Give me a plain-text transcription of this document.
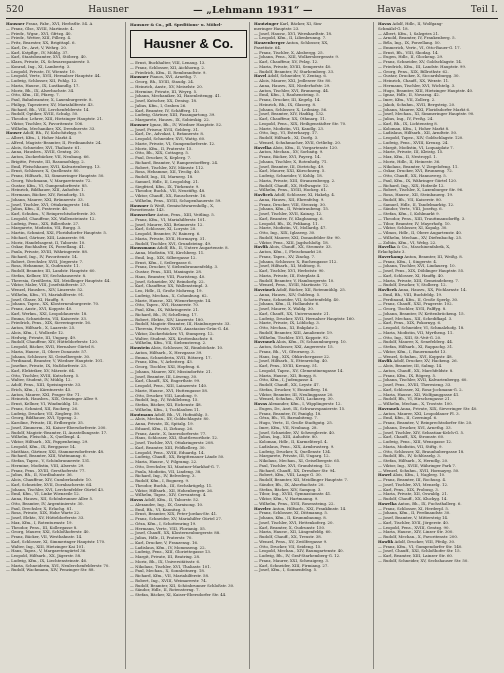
520	Hausner	— „Lehmann 1931“ —	Havas	Teil I.
Hausner Franz, Fabr., XVI, Herbstltr. 54. A
— Franz, Glsr., XVIII, Martinstr. 4.
— Friedr., Wgnr., XVI, Gfrtzg. 40.
— Friedr., Wetter, XIII, Pillerg. 4.
— Fritz, Bearnter, XX, Brigittapl. 6.
— Karl, Dr., Arzt, V, Wehrg. 20.
— Karl, Kstpflgr., IV, Mühlg. 37.
— Karl, Staatsbeamter, XVI, Stöberg. 40.
— Klara, Private, IX, Schwarzspanierstr. 5.
— Konrad, Ing., XI, Lambertg. 3.
— Leopold, Private, IV, Wienstr. 10.
— Leopold, Vertr., XVII, Hernalser Hauptstr. 44.
— Ludwig, Schlosser, XII, Pohlg. 12.
— Maria, Hausw., IX, Lustkandlg. 17.
— Moriz, Bh., IX, Alserbachstr. 34.
— Otto, Kfm., III, Pfarrg. 7.
— Paul, Bahnbeamter, X, Laxenburgerstr. 8.
— Philipp, Tapezierer, XV, Mariahilferstr. 43.
— Richard, Bh., VIII, Lerchenfelderstr. 14.
— Rudolf, Optiker, XVIII, Schulg. 50.
— Theodor, Lehrer, XIII, Hietzinger Hauptstr. 21.
— Viktor, Tischler, X, Favoritenstr. 106.
— Wilhelm, Mechaniker, XX, Dresdnerstr. 33.
Hauser Adolf, Bh., IV, Kolschitzkyg. 9.
— Albert, Kfm., I, Hoher Markt 4.
— Alfred, Magistr.-Beamter, II, Ferdinandstr. 24.
— Alois, Schneider, XVI, Thaliastr. 61.
— Anna, Hausbes., XVIII, Gentzg. 20.
— Anton, Zuckerbäcker, VII, Neubaug. 66.
— Brigitte, Private, III, Rasumofskyg. 2.
— Emil, Fleischhauer, XVII, Kalvarienbergg. 13.
— Ernst, Schlosser, X, Quellenstr. 80.
— Franz, Hilfsarb., XI, Simmeringer Hauptstr. 50.
— Georg, Wachmann, V, Margaretenstr. 72.
— Gustav, Kfm., VI, Gumpendorferstr. 85.
— Heinrich, Bildhauer, XIII, Auhofstr. 1.
— Hermann, Bäcker, XIV, Reindorfg. 15.
— Johann, Maurer, XXI, Brünnerstr. 33.
— Josef, Tischler, XVI, Ottakringerstr. 104.
— Julius, Kfm., II, Praterstr. 46.
— Karl, Schuhm., V, Reinprechtsdorferstr. 30.
— Leopold, Chauffeur, XX, Wallensteinstr. 12.
— Ludwig, Pens., XIX, Billrothstr. 27.
— Margarete, Modistin, VII, Burgg. 3.
— Martin, Schmied, XXI, Floridsdorfer Hauptstr. 5.
— Michael, Gärtner, XIII, Lainzerstr. 98.
— Moriz, Handelsagent, II, Taborstr. 10.
— Oskar, Buchhalter, IX, Porzellang. 41.
— Paula, Private, XVIII, Währingerstr. 88.
— Richard, Ing., IV, Favoritenstr. 14.
— Robert, Drechsler, XVII, Jörgerstr. 7.
— Rosa, Hebamme, X, Gudrunstr. 11.
— Rudolf, Beamter, III, Landstr. Hauptstr. 60.
— Stefan, Kellner, XV, Sechshauserstr. 8.
— Theresia, Greißlerin, XII, Meidlinger Hauptstr. 44.
— Viktor, Maler, VIII, Josefstädterstr. 27.
— Wenzel, Hausbes., XIV, Linzerstr. 52.
— Wilhelm, Kfm., VI, Mariahilferstr. 91.
— Josef, Glaser, XI, Hauffg. 9.
— Johann, Tapez., XX, Klosterneuburgerstr. 70.
— Franz, Anstr., XVI, Koppstr. 40.
— Karl, Werkm., XXI, Leopoldauerstr. 18.
— Emma, Schneiderin, VII, Kaiserstr. 33.
— Friedrich, Pens., XIX, Sieveringerstr. 16.
— Anton, Hilfsarb., X, Laaerstr. 25.
— Alois, Kfm., I, Wollzeile 12.
— Hedwig, Private, III, Ungarg. 49.
— Rudolf, Chauffeur, XIV, Hütteldorferstr. 120.
— Leopold, Bäcker, XVII, Hernalser Gürtel 8.
— Maria, Hausw., II, Obere Donaustr. 57.
— Johann, Schlosser, XI, Geiselbergstr. 30.
— Ferdinand, Beamter, V, Wiedner Hauptstr. 101.
— Josefine, Private, IX, Nußdorferstr. 23.
— Karl, Elektriker, XV, Märzstr. 64.
— Otto, Tischler, XVIII, Kutscherg. 5.
— Walter, Student, IV, Mühlg. 12.
— Adolf, Pens., XIII, Speisingerstr. 33.
— Erich, Kfm., I, Kärntnerstr. 45.
— Anton, Maurer, XXI, Prager Str. 71.
— Heinrich, Hausbes., XIX, Grinzinger Allee 9.
— Ernst, Kellner, VI, Windmühlg. 15.
— Franz, Schmied, XII, Ruckerg. 26.
— Ludwig, Drucker, VII, Zieglerg. 59.
— Georg, Bildhauer, XVI, Yppeng. 2.
— Karoline, Private, III, Erdbergstr. 35.
— Josef, Zimmerm., XI, Kaiser-Ebersdorferstr. 200.
— Rudolf, Magistr.-Beamter, II, Ausstellungsstr. 17.
— Wilhelm, Fleischh., X, Quellenpl. 4.
— Viktor, Hilfsarb., XX, Pappenheimg. 29.
— Leopold, Kfm., IX, Berggasse 14.
— Matthias, Gärtner, XXI, Stammersdorferstr. 48.
— Richard, Beamter, XIII, Wattmanng. 6.
— Stefan, Tapez., V, Schönbrunnerstr. 131.
— Hermine, Modistin, VIII, Alserstr. 29.
— Franz, Pens., XVIII, Gersthoferstr. 77.
— Julius, Bh., II, Nordbahnstr. 36.
— Alois, Chauffeur, XIV, Cumberlandstr. 10.
— Karl, Schneider, XVII, Dornbacherstr. 64.
— Johann, Tischler, XVI, Lerchenfelder Gürtel 43.
— Emil, Kfm., VI, Linke Wienzeile 12.
— Anna, Hausw., XII, Schönbrunner Allee 5.
— Otto, Beamter, IV, Argentinierstr. 30.
— Paul, Drechsler, X, Erlachg. 81.
— Rosa, Private, XIX, Hohe Warte 22.
— Josef, Elektr., XV, Hütteldorferstr. 33.
— Max, Kfm., I, Rotenturmstr. 19.
— Theodor, Pens., III, Kollergasse 8.
— Georg, Maurer, XXI, Schloßhoferstr. 40.
— Franz, Bäcker, VII, Westbahnstr. 14.
— Karl, Schlosser, XI, Simmeringer Hauptstr. 170.
— Walter, Ing., XIII, Hietzinger Kai 101.
— Hans, Tapez., V, Margaretengürtel 36.
— Leopold, Hilfsarb., XX, Jägerstr. 58.
— Ludwig, Kfm., IX, Liechtensteinstr. 46.
— Maria, Schneiderin, XVI, Neulerchenfelderstr. 70.
— Rudolf, Wachmann, XIV, Penzinger Str. 88.
Hausner & Co., pfl. Speditions- u. Möbel-
Hausner & Co.
— Ernst, Buchhalter, VIII, Lenaug. 13.
— Franz, Schlosser, XII, Aichhorng. 2.
— Friedrich, Kfm., II, Rembrandtstr. 9.
Hausner Pianos, XVI, Arnethg. 7.
— Georg, Bh., XVIII, Staudg. 24.
— Heinrich, Anstr., XV, Meiselstr. 20.
— Hermine, Private, III, Weyrg. 5.
— Johann, Mechaniker, XI, Hasenleitengg. 41.
— Josef, Kutscher, XX, Denisg. 18.
— Julius, Kfm., I, Graben 26.
— Karl, Beamter, IV, Schäfferg. 11.
— Ludwig, Gärtner, XIII, Fasangartong. 39.
— Margarete, Hausw., IX, Sobieskig. 22.
Hausner Ignaz, Bh., IV, Wiedner Hauptstr. 52.
— Josef, Friseur, XVII, Geblerg. 31.
— Karl, Dr., Advokat, I, Bräunerstr. 8.
— Leopold, Schneider, XVI, Wattg. 60.
— Marie, Private, VI, Gumpendorferstr. 12.
— Moriz, Kfm., II, Praterstr. 15.
— Otto, Bh., XIX, Cottageg. 5.
— Paul, Drucker, X, Keplerg. 7.
— Richard, Beamter, V, Ramperstorfferg. 24.
— Robert, Tischler, XIV, Märzstr. 112.
— Rosa, Hebamme, XII, Tivolig. 40.
— Rudolf, Ing., III, Marxerg. 18.
— Samuel, Hdlr., II, Leopoldsg. 21.
— Siegfried, Kfm., IX, Türkenstr. 9.
— Theodor, Buchh., VII, Neustiftg. 48.
— Viktor, Chauff., XX, Rauscherstr. 16.
— Wilhelm, Pens., XVIII, Schopenhauerstr. 59.
Hausner & Weiß, Gemischtwarenhdlg., X,
Favoritenstr. 143.
Haussecker Anton, Pens., XIII, Veitling. 5.
— Franz, Kfm., VI, Mariahilferstr. 101.
— Josef, Maurer, XXI, Brünnerstr. 12.
— Karl, Schlosser, XI, Lorystr. 20.
— Leopold, Beamter, IV, Rainerg. 6.
— Maria, Private, XVII, Hormayrg. 31.
— Rudolf, Tischler, XVI, Grundsteing. 49.
Haussmann Adolf, Bh., II, Untere Augartenstr. 8.
— Anna, Modistin, VII, Kirchberg. 11.
— Emil, Ing., XIX, Silbergasse 12.
— Ernst, Kfm., I, Seilergasse 6.
— Franz, Drucker, V, Siebenbrunnenfeldg. 3.
— Gustav, Pens., XIII, Maxingstr. 28.
— Hans, Beamter, VIII, Piaristeng. 40.
— Josef, Schneider, XV, Reindorfg. 22.
— Karl, Chauffeur, XX, Wallensteinpl. 3.
— Leo, Hdlr., II, Große Mohreng. 19.
— Ludwig, Mechan., X, Columbusg. 62.
— Marie, Hausw., XII, Wienerbergstr. 14.
— Otto, Tapez., XVI, Hasnerstr. 70.
— Paul, Kfm., IX, Währingerstr. 21.
— Richard, Bh., IV, Schelleing. 17.
— Robert, Elektr., XIV, Linzerstr. 180.
— Rudolf, Magistr.-Beamter, III, Hainburgerstr. 33.
— Theresia, Private, XVIII, Anastasius-Grün-G. 46.
— Viktor, Zuckerbäcker, VI, Stumperg. 12.
— Walter, Student, XIX, Krottenbachstr. 8.
— Wilhelm, Kfm., VII, Siebensterng. 2.
Haustein Alois, Schlosser, XI, Rinnböckstr. 10.
— Anton, Hilfsarb., X, Herzgasse 39.
— Emma, Schneiderin, XVII, Rötzerg. 17.
— Franz, Kfm., V, Arbeiterg. 43.
— Georg, Tischler, XXI, Hopfeng. 6.
— Johann, Maurer, XIV, Missindorfstr. 21.
— Josef, Beamter, III, Löweng. 30.
— Karl, Chauff., XX, Engerthstr. 99.
— Leopold, Pens., XIII, Lainzerstr. 140.
— Marie, Hausw., XVI, Huttengasse 58.
— Otto, Drucker, VIII, Laudong. 9.
— Rudolf, Ing., IV, Wohllebeng. 15.
— Stefan, Bäcker, XII, Eichenstr. 48.
— Wilhelm, Kfm., I, Tuchlauben 11.
Hautmann Adolf, Bh., VI, Hofmühlg. 5.
— Alois, Mechan., XV, Goldschlagstr. 80.
— Anna, Private, IX, Spitalg. 19.
— Eduard, Kfm., II, Zirkusg. 26.
— Franz, Anstr., X, Inzersdorferstr. 77.
— Hans, Schlosser, XXI, Shuttleworthstr. 12.
— Josef, Tischler, XVI, Ottakringerstr. 208.
— Karl, Beamter, XIII, Feldkellerg. 30.
— Leopold, Pens., XVIII, Eduardg. 14.
— Ludwig, Chauff., XX, Brigittenauer Lände 50.
— Maria, Hausw., V, Pilgramg. 22.
— Otto, Drechsler, XI, Mautner-Markhof-G. 7.
— Paula, Modistin, VII, Lindeng. 38.
— Richard, Ing., IV, Belvederg. 3.
— Rudolf, Kfm., I, Bognerg. 9.
— Theodor, Buchh., III, Sechskrügelg. 11.
— Viktor, Hilfsarb., XII, Hohenbergstr. 26.
— Wilhelm, Tapez., XIV, Cervantesg. 4.
Havas Adolf, Kfm., II, Taborstr. 52.
— Alexander, Ing., IX, Garnisong. 10.
— Emil, Bh., VI, Kaunitzg. 3.
— Ernst, Beamter, XIX, Peter-Jordan-Str. 41.
— Franz, Schneider, XV, Mariahilfer Gürtel 27.
— Géza, Kfm., I, Schottenring 19.
— Hermann, Vertr., VIII, Florianig. 55.
— Josef, Chauff., XX, Klosterneuburgerstr. 88.
— Julius, Hdlr., II, Praterstr. 70.
— Karl, Drucker, V, Franzensg. 16.
— Ladislaus, Kfm., IV, Mommseng. 22.
— Ludwig, Pens., XIII, Gloriettegasse 13.
— Margit, Private, III, Beatrixg. 28.
— Moriz, Bh., IX, Universitätsstr. 6.
— Nikolaus, Tischler, XVI, Thaliastr. 101.
— Paul, Mechan., X, Sonnleitnerg. 18.
— Richard, Kfm., VII, Mariahilferstr. 58.
— Robert, Ing., XVIII, Weimarerstr. 74.
— Rudolf, Beamter, XII, Schönbrunner Schloßstr. 30.
— Sándor, Hdlr., II, Rotensterng. 7.
— Stefan, Bäcker, XI, Kaiser-Ebersdorfer Str. 44.
Hautzinger Karl, Bäcker, XI, Sim-
meringer Hauptstr. 23.
— Josef, Hausw., XVI, Wernhardtstr. 18.
— Leopold, Kfm., II, Lilienbrunng. 7.
Hauzenberger Anton, Schlosser, XX,
Pasettistr. 64.
— Franz, Tischler, X, Absbergg. 25.
— Johann, Pens., XIII, Wolkersbergenstr. 9.
— Karl, Chauffeur, XV, Pelzg. 12.
— Maria, Private, XVIII, Semperstr. 40.
— Rudolf, Beamter, IV, Starhemberg. 33.
Havel Adolf, Schneider, V, Zentag. 6.
— Alois, Maurer, XXI, Jedleseer Str. 80.
— Anna, Hausw., XII, Niederhofstr. 29.
— Anton, Tischler, XVI, Brunneng. 44.
— Emil, Kfm., I, Rauhensteing. 5.
— Franz, Drucker, III, Kegelg. 14.
— Heinrich, Bh., IX, Glaserg. 8.
— Johann, Schlosser, X, Leibnizg. 56.
— Josef, Beamter, XIV, Hadikg. 132.
— Karl, Chauffeur, XX, Othmarg. 11.
— Leopold, Pens., XIX, Heiligenstädter Str. 70.
— Marie, Modistin, VII, Kandlg. 23.
— Otto, Ing., VI, Esterhazyg. 17.
— Rudolf, Hilfsarb., XI, Dorfg. 3.
— Wenzel, Schuhmacher, XVII, Ortliebg. 20.
Havelka Alois, Kfm., II, Vorgartenstr. 120.
— Anton, Mechan., XV, Sorbaitg. 9.
— Franz, Bäcker, XVI, Payerg. 14.
— Johann, Tischler, X, Rotenhofg. 71.
— Josef, Beamter, III, Dietrichg. 49.
— Karl, Maurer, XXI, Kürschnerg. 5.
— Ludwig, Schneider, V, Kohlg. 18.
— Maria, Private, XIII, Stranzenbergg. 2.
— Rudolf, Chauff., XX, Hellwagstr. 12.
— Wilhelm, Pens., XVIII, Hockeg. 61.
Havlicek Adolf, Schlosser, XI, Hakelg. 4.
— Anna, Hausw., XII, Ehrenfelsg. 9.
— Franz, Drucker, VIII, Strozzig. 30.
— Johann, Kfm., II, Weintraubeng. 15.
— Josef, Tischler, XVII, Kainzg. 12.
— Karl, Beamter, IV, Klagbaumg. 6.
— Leopold, Bh., IX, Pelikang. 11.
— Marie, Modistin, VI, Mollardg. 47.
— Otto, Ing., XIX, Iglaseeg. 30.
— Rudolf, Maurer, XXI, Donaufelder Str. 90.
— Viktor, Pens., XIII, Jagdschloßg. 18.
Havlik Alois, Chauff., XX, Stromstr. 33.
— Anton, Kfm., I, Fleischmarkt 20.
— Franz, Tapez., XV, Zinckg. 7.
— Johann, Schlosser, X, Buchengasse 112.
— Josef, Hilfsarb., XI, Molitorg. 8.
— Karl, Tischler, XVI, Herbststr. 90.
— Maria, Private, III, Esteplatz 4.
— Rudolf, Beamter, V, Hamburgerstr. 10.
— Wenzel, Pens., XVIII, Martinstr. 72.
Havránek Adolf, Bäcker, XII, Rotenmühlg. 25.
— Anna, Hausw., XIV, Guldeng. 5.
— Franz, Schneider, VII, Schottenfeldg. 40.
— Johann, Kfm., II, Hollandstr. 6.
— Josef, Maurer, X, Waldg. 30.
— Karl, Chauff., XX, Universumstr. 21.
— Ludwig, Drucker, XVII, Hernalser Hauptstr. 160.
— Marie, Private, IX, Löblichg. 3.
— Otto, Mechan., XI, Enkplatz 2.
— Rudolf, Beamter, XIII, Amalienstr. 19.
— Wilhelm, Tischler, XVI, Koppstr. 92.
Havranek Alois, Kfm., IV, Schaumburgerg. 10.
— Anton, Schlosser, XXI, Angererstr. 15.
— Franz, Bh., VI, Gfrornerg. 3.
— Hans, Ing., XIX, Obkirchergasse 22.
— Josef, Hilfsarb., X, Ettenreichg. 40.
— Karl, Pens., XVIII, Kreuzg. 51.
— Leopold, Tapez., XV, Clementinengasse 14.
— Maria, Hausw., XII, Bonyg. 8.
— Otto, Kfm., I, Judengasse 4.
— Rudolf, Chauff., XX, Leystr. 47.
— Stefan, Drucker, V, Einsiedlerg. 16.
— Viktor, Beamter, III, Neulinggasse 20.
— Wenzel, Schuhm., XVII, Lacknerg. 30.
Havas Alexander, Kfm., I, Wipplingerstr. 12.
— Eugen, Dr., Arzt, IX, Schwarzspanierstr. 15.
— Franz, Beamter, IV, Paniglg. 18.
— Géza, Bh., VI, Barnabiteng. 7.
— Hugo, Vertr., II, Große Stadtgutg. 25.
— Imre, Kfm., VII, Neubaug. 28.
— Josef, Schneider, XV, Schweglerstr. 40.
— Julius, Ing., XIII, Auhofstr. 80.
— Koloman, Hdlr., II, Karmeliterpl. 4.
— Ladislaus, Pens., XIX, Armbrusterg. 9.
— Ludwig, Drucker, X, Quellenstr. 134.
— Margarete, Private, III, Ungarg. 12.
— Nikolaus, Mechan., XI, Geiselbergstr. 65.
— Paul, Tischler, XVI, Grundsteing. 12.
— Richard, Chauff., XX, Dresdner Str. 94.
— Robert, Kfm., VIII, Lange G. 30.
— Rudolf, Beamter, XII, Meidlinger Hauptstr. 7.
— Sándor, Bh., IX, Alserbachstr. 20.
— Stefan, Bäcker, XIV, Sampog. 3.
— Tibor, Ing., XVIII, Gymnasiumstr. 41.
— Viktor, Kfm., V, Hartmanng. 9.
— Wilhelm, Pens., XVII, Rosensteing. 22.
Havelec Anton, Hilfsarb., XXI, Franklinstr. 14.
— Franz, Schlosser, XI, Dittmanng. 5.
— Johann, Kfm., II, Krummbaumg. 8.
— Josef, Tischler, XVI, Hettenkoferg. 20.
— Karl, Beamter, X, Gudrunstr. 150.
— Maria, Hausw., XII, Längenfeldg. 60.
— Rudolf, Chauff., XX, Treustr. 38.
— Wenzel, Pens., XV, Zwölfergasse 9.
— Otto, Drucker, VII, Seideng. 15.
— Leopold, Mechan., XIV, Baumgartenstr. 40.
— Ludwig, Bh., IV, Graf-Starhemberg-G. 12.
— Franz, Maurer, XXI, Schwaigerg. 3.
— Karl, Schneider, XIII, Firmiang. 27.
— Josef, Kfm., I, Sonnenfelsg. 5.
Havas Adolf, Hdlr., II, Wolfgang-
Schmälzl-G. 18.
— Albert, Kfm., I, Salzgries 21.
— Arnold, Beamter, IV, Frankenberg. 5.
— Béla, Ing., IX, Porzellang. 50.
— Emmerich, Vertr., VI, Otto-Bauer-G. 17.
— Ernst, Bh., VIII, Skodag. 14.
— Eugen, Hdlr., II, Glockeng. 29.
— Franz, Schneider, XV, Goldschlagstr. 14.
— Friedrich, Kfm., III, Landstr. Hauptstr. 99.
— Georg, Pens., XIX, Billrothstr. 62.
— Gustav, Drucker, X, Siccardsburgg. 30.
— Heinrich, Chauff., XX, Wexstr. 11.
— Hermann, Tischler, XVI, Wichtelg. 3.
— Hugo, Beamter, XIII, Hietzinger Hauptstr. 40.
— Ignaz, Hdlr., II, Novarag. 42.
— Imre, Kfm., VII, Zollerg. 2.
— Jakob, Schuhm., XVII, Bergsteig. 20.
— Johann, Maurer, XXI, Floridsdorfer Markt 6.
— Josef, Mechan., XI, Simmeringer Hauptstr. 90.
— Julius, Ing., IV, Preßg. 24.
— Karl, Bh., IX, Lichtensteg 8.
— Koloman, Kfm., I, Hoher Markt 8.
— Ladislaus, Hilfsarb., XII, Arndtstr. 50.
— Leopold, Tapez., XIV, Goldschlagstr. 120.
— Ludwig, Pens., XVIII, Kreuzg. 24.
— Margit, Modistin, VI, Loquaiplatz 7.
— Marie, Private, III, Kleistg. 15.
— Max, Kfm., II, Nestroypl. 1.
— Moriz, Hdlr., II, Heinestr. 36.
— Nikolaus, Beamter, V, Ziegelofeng. 11.
— Oskar, Drucker, XVI, Brunneng. 72.
— Otto, Chauff., XX, Hannoverg. 5.
— Paul, Kfm., IX, Währinger Gürtel 120.
— Richard, Ing., XIX, Hofzeile 12.
— Robert, Tischler, X, Laxenburger Str. 96.
— Rosa, Hausw., XII, Steinbauerg. 19.
— Rudolf, Bh., VII, Kaiserstr. 80.
— Samuel, Hdlr., II, Tandelmarktg. 12.
— Sándor, Vertr., VIII, Josefsg. 6.
— Stefan, Kfm., I, Kohlmarkt 9.
— Theodor, Pens., XIII, Trauttmansdorffg. 3.
— Tibor, Beamter, IV, Mayerhofg. 10.
— Viktor, Schlosser, XI, Kopalg. 30.
— Vilmos, Hdlr., II, Obere Augartenstr. 40.
— Wilhelm, Mechan., XV, Diefenbachg. 25.
— Zoltán, Kfm., VI, Webg. 22.
Havelka & Co., Maschinenfabrik, X,
Erlachplatz 3.
Haverkamp Anton, Beamter, III, Weißg. 8.
— Franz, Kfm., I, Singerstr. 4.
— Johann, Tischler, XVI, Lindauerg. 10.
— Josef, Pens., XIX, Döblinger Hauptstr. 55.
— Karl, Schlosser, XI, Hauffg. 40.
— Maria, Private, XIII, Gemeindeberg. 7.
— Rudolf, Drucker, V, Stolberg. 12.
Havlicek Anna, Hausw., XX, Pöchlarnstr. 14.
— Emil, Bh., VIII, Buchfeldg. 19.
— Ferdinand, Kfm., II, Große Sperlg. 30.
— Franz, Chauff., XXI, Pragerstr. 102.
— Georg, Tischler, XVII, Palffyg. 8.
— Johann, Beamter, IV, Kettenbrückeng. 15.
— Josef, Mechan., XII, Schedifkapl. 3.
— Karl, Pens., XIX, Pokornyg. 6.
— Leopold, Schneider, VI, Schmalzhofg. 18.
— Maria, Modistin, VII, Myrtheng. 11.
— Otto, Ing., XIII, St.-Veit-G. 20.
— Rudolf, Maurer, X, Senefelderg. 44.
— Stefan, Hilfsarb., XI, Rappachg. 31.
— Viktor, Kfm., I, Bauernmarkt 13.
— Wenzel, Schuhm., XVI, Koppstr. 48.
Havlik Adolf, Drucker, XV, Hackeng. 26.
— Alois, Beamter, III, Salmg. 14.
— Anton, Chauff., XX, Marchfeldstr. 8.
— Franz, Kfm., IX, Rögerg. 5.
— Johann, Tischler, XVII, Kalvarienbergg. 60.
— Josef, Pens., XVIII, Theresieng. 33.
— Karl, Schlosser, XI, Rosa-Jochmann-G. 2.
— Maria, Hausw., XII, Wolfganggasse 41.
— Rudolf, Bh., VI, Hirschengasse 21.
— Wilhelm, Mechan., X, Troststr. 100.
Havranek Anna, Private, XIX, Sieveringer Str. 40.
— Anton, Maurer, XXI, Leopoldauer Pl. 3.
— Emil, Kfm., II, Czerninpl. 6.
— Franz, Beamter, V, Reinprechtsdorfer Str. 20.
— Johann, Drucker, XVI, Arnethg. 33.
— Josef, Tischler, XIV, Sebastian-Kelch-G. 5.
— Karl, Chauff., XX, Stromstr. 60.
— Ludwig, Pens., XIII, Wenzgasse 12.
— Maria, Modistin, VII, Stiftg. 9.
— Otto, Schlosser, XI, Braunhubergasse 18.
— Rudolf, Bh., IV, Schlüsselg. 3.
— Stefan, Hilfsarb., X, Herndlg. 20.
— Viktor, Ing., XVIII, Währinger Park 7.
— Wenzel, Schuhm., XVII, Hormayrg. 50.
Hawel Alois, Kfm., I, Naglerg. 10.
— Franz, Beamter, III, Rochusg. 4.
— Josef, Tischler, XVI, Menzelg. 12.
— Karl, Pens., XIX, Probusg. 3.
— Maria, Private, XII, Oswaldg. 21.
— Rudolf, Chauff., XX, Kluckyg. 14.
Hawelka Anton, Bh., IX, Fuchsthallerg. 6.
— Franz, Schlosser, XI, Herderpl. 5.
— Johann, Kfm., II, Ferdinandstr. 30.
— Josef, Beamter, V, Mittersteig 14.
— Karl, Tischler, XVII, Jörgerstr. 40.
— Leopold, Pens., XVIII, Gentzg. 90.
— Maria, Hausw., XIV, Linzer Str. 300.
— Rudolf, Mechan., X, Favoritenstr. 200.
Hawlik Adolf, Drucker, VIII, Pfeilg. 30.
— Franz, Kfm., VI, Gumpendorfer Str. 140.
— Josef, Chauff., XXI, Schloßhofer Str. 15.
— Karl, Beamter, XIII, Lainzer Str. 60.
— Rudolf, Schneider, XV, Sechshauser Str. 50.
